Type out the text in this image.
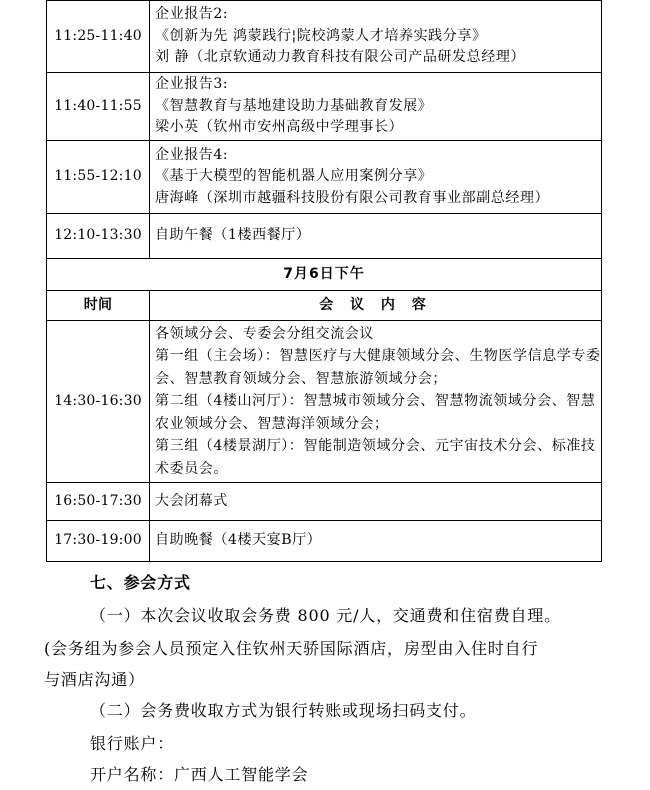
11:25-11:40	企业报告2:
《创新为先 鸿蒙践行¦院校鸿蒙人才培养实践分享》
刘 静（北京软通动力教育科技有限公司产品研发总经理）

11:40-11:55	企业报告3:
《智慧教育与基地建设助力基础教育发展》
梁小英（钦州市安州高级中学理事长）

11:55-12:10	企业报告4:
《基于大模型的智能机器人应用案例分享》
唐海峰（深圳市越疆科技股份有限公司教育事业部副总经理）

12:10-13:30	自助午餐（1楼西餐厅）

7月6日下午	
时间	会 议 内 容
14:30-16:30	各领域分会、专委会分组交流会议
第一组（主会场）：智慧医疗与大健康领域分会、生物医学信息学专委会、智慧教育领域分会、智慧旅游领域分会；
第二组（4楼山河厅）：智慧城市领域分会、智慧物流领域分会、智慧农业领域分会、智慧海洋领域分会；
第三组（4楼景湖厅）：智能制造领域分会、元宇宙技术分会、标准技术委员会。

16:50-17:30	大会闭幕式

17:30-19:00	自助晚餐（4楼天宴B厅）

七、参会方式

（一）本次会议收取会务费 800 元/人，交通费和住宿费自理。

(会务组为参会人员预定入住钦州天骄国际酒店，房型由入住时自行

与酒店沟通）

（二）会务费收取方式为银行转账或现场扫码支付。

银行账户：

开户名称：广西人工智能学会
